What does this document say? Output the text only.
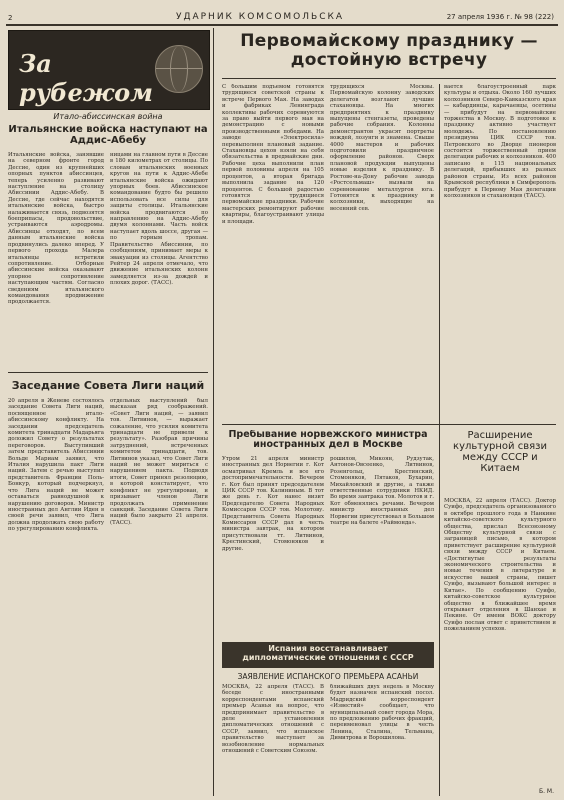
2	УДАРНИК КОМСОМОЛЬСКА	27 апреля 1936 г. № 98 (222)
За рубежом
Итало-абиссинская война
Итальянские войска наступают на Аддис-Абебу
Итальянские войска, занявшие на северном фронте город Дессие, один из крупнейших опорных пунктов абиссинцев, теперь усиленно развивают наступление на столицу Абиссинии Аддис-Абебу. В Дессие, где сейчас находятся итальянские войска, быстро налаживается связь, подвозятся боеприпасы, продовольствие, устраиваются аэродромы. Абиссинцы отходят, по всем данным итальянские войска продвинулись далеко вперед. У первого прохода Малера итальянцы встретили сопротивление. Отборные абиссинские войска оказывают упорное сопротивление наступающим частям. Согласно сведениям итальянского командования продвижение продолжается.
ницами на главном пути в Дессие в 180 километрах от столицы. По словам итальянских военных кругов на пути к Аддис-Абебе итальянские войска ожидают упорных боев. Абиссинское командование будто бы решило использовать все силы для защиты столицы. Итальянские войска продвигаются по направлению на Аддис-Абебу двумя колоннами. Часть войск наступает вдоль шоссе, другая — по горным тропам. Правительство Абиссинии, по сообщениям, принимает меры к эвакуации из столицы. Агентство Рейтер 24 апреля отмечало, что движение итальянских колонн замедляется из-за дождей и плохих дорог. (ТАСС).
Заседание Совета Лиги наций
20 апреля в Женеве состоялось заседание Совета Лиги наций, посвященное итало-абиссинскому конфликту. На заседании председатель комитета тринадцати Мадарьяга доложил Совету о результатах переговоров. Выступивший затем представитель Абиссинии Вольде Мариам заявил, что Италия нарушила пакт Лиги наций. Затем с речью выступил представитель Франции Поль-Бонкур, который подчеркнул, что Лига наций не может оставаться равнодушной к нарушению договоров. Министр иностранных дел Англии Иден в своей речи заявил, что Лига должна продолжать свою работу по урегулированию конфликта.
отдельных выступлений был высказан ряд соображений. «Совет Лиги наций, — заявил тов. Литвинов, — выражает сожаление, что усилия комитета тринадцати не привели к результату». Разобрав причины затруднений, встреченных комитетом тринадцати, тов. Литвинов указал, что Совет Лиги наций не может мириться с нарушением пакта. Подводя итоги, Совет принял резолюцию, в которой констатирует, что конфликт не урегулирован, и призывает членов Лиги продолжать применение санкций. Заседание Совета Лиги наций было закрыто 21 апреля. (ТАСС).
Первомайскому празднику — достойную встречу
С большим подъемом готовятся трудящиеся советской страны к встрече Первого Мая. На заводах и фабриках Ленинграда коллективы рабочих соревнуются за право выйти первого мая на демонстрацию с новыми производственными победами. На заводе «Электросила» перевыполнен плановый задание. Стахановцы цехов взяли на себя обязательства в предмайские дни. Рабочие цеха выполнили план первой половины апреля на 105 процентов, а вторая бригада выполнила задание на 120 процентов. С большой радостью готовятся трудящиеся первомайские праздники. Рабочие мастерских ремонтируют рабочие квартиры, благоустраивают улицы и площади.
трудящихся Москвы. Первомайскую колонну заводских делегатов возглавят лучшие стахановцы. На многих предприятиях к празднику выпущены стенгазеты, проведены рабочие собрания. Колонны демонстрантов украсят портреты вождей, лозунги и знамена. Свыше 4000 мастеров и рабочих подготовили праздничное оформление районов. Сверх плановой продукции выпущены новые изделия к празднику. В Ростове-на-Дону рабочие завода «Ростсельмаш» вызвали на соревнование металлургов юга. Готовятся к празднику и колхозники, выходящие на весенний сев.
вается благоустроенный парк культуры и отдыха. Около 160 лучших колхозников Северо-Кавказского края — кабардинцы, карачаевцы, осетины — прибудут на первомайские торжества в Москву. В подготовке к празднику активно участвует молодежь. По постановлению президиума ЦИК СССР тов. Петровского во Дворце пионеров состоится торжественный прием делегации рабочих и колхозников. 400 записано в 115 национальных делегаций, прибывших из разных районов страны. Из всех районов Крымской республики в Симферополь прибудут к Первому Мая делегации колхозников и стахановцев (ТАСС).
Пребывание норвежского министра иностранных дел в Москве
Утром 21 апреля министр иностранных дел Норвегии г. Кот осматривал Кремль и все его достопримечательности. Вечером г. Кот был принят председателем ЦИК СССР тов. Калининым. В тот же день г. Кот нанес визит Председателю Совета Народных Комиссаров СССР тов. Молотову. Представитель Совета Народных Комиссаров СССР дал в честь министра завтрак, на котором присутствовали тт. Литвинов, Крестинский, Стомоняков и другие.
рошилов, Микоян, Рудзутак, Антонов-Овсеенко, Литвинов, Розенгольц, Крестинский, Стомоняков, Пятаков, Бухарин, Михайловский и другие, а также ответственные сотрудники НКИД. Во время завтрака тов. Молотов и г. Кот обменялись речами. Вечером министр иностранных дел Норвегии присутствовал в Большом театре на балете «Раймонда».
Испания восстанавливает дипломатические отношения с СССР
ЗАЯВЛЕНИЕ ИСПАНСКОГО ПРЕМЬЕРА АСАНЬИ
МОСКВА, 22 апреля (ТАСС). В беседе с иностранными корреспондентами испанский премьер Асанья на вопрос, что предпринимает правительство в деле установления дипломатических отношений с СССР, заявил, что испанское правительство выступает за возобновление нормальных отношений с Советским Союзом.
ближайших двух недель в Москву будет назначен испанский посол. Мадридский корреспондент «Известий» сообщает, что муниципальный совет города Мора, по предложению рабочих фракций, переименовал улицы в честь Ленина, Сталина, Тельмана, Димитрова и Ворошилова.
Расширение культурной связи между СССР и Китаем
МОСКВА, 22 апреля (ТАСС). Доктор Суифо, председатель организованного в октябре прошлого года в Нанкине китайско-советского культурного общества, прислал Всесоюзному Обществу культурной связи с заграницей письмо, в котором приветствует расширение культурной связи между СССР и Китаем. «Достигнутые результаты экономического строительства и новые течения в литературе и искусстве вашей страны, пишет Суифо, вызывают большой интерес в Китае». По сообщению Суифо, китайско-советское культурное общество в ближайшее время открывает отделения в Шанхае и Пекине. От имени ВОКС доктору Суифо послан ответ с приветствием и пожеланием успехов.
Б. М.
